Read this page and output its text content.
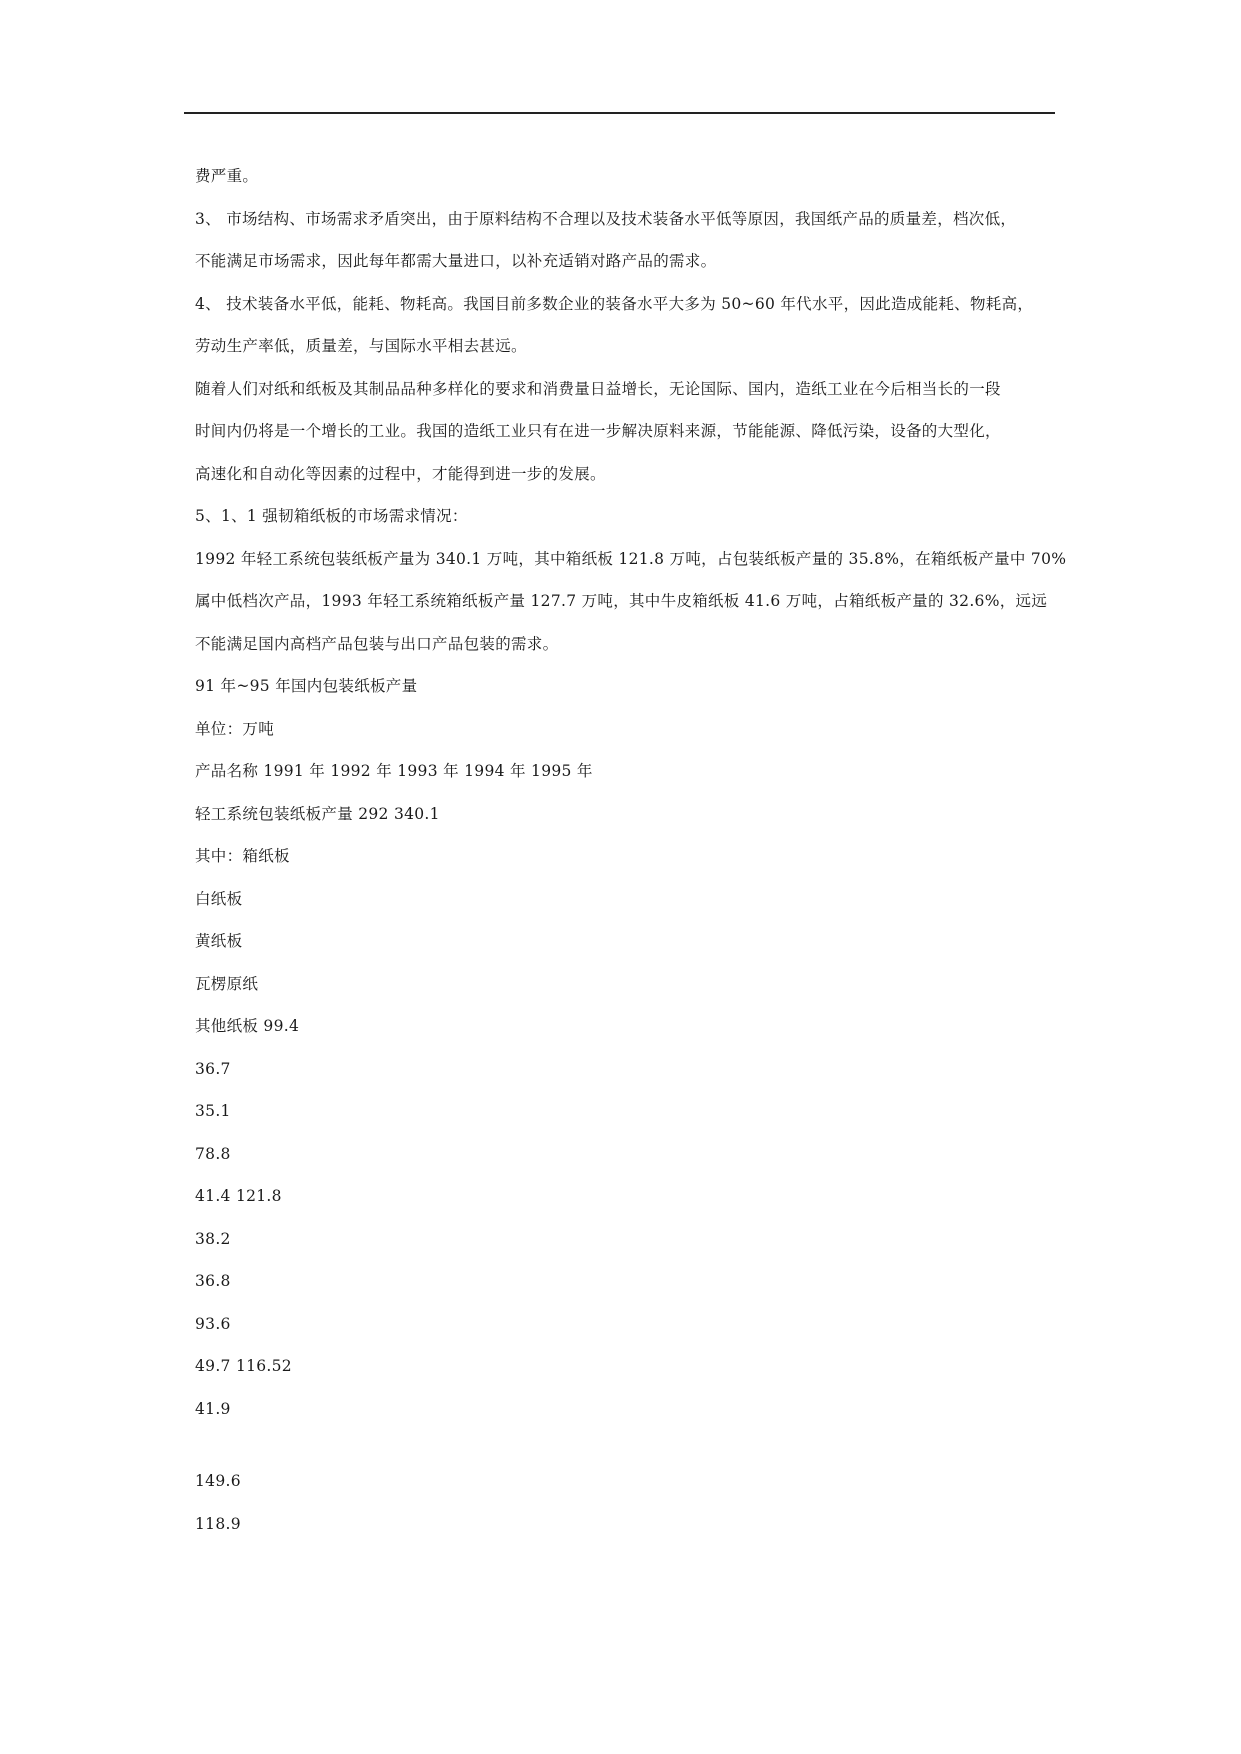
费严重。
3、 市场结构、市场需求矛盾突出，由于原料结构不合理以及技术装备水平低等原因，我国纸产品的质量差，档次低，
不能满足市场需求，因此每年都需大量进口，以补充适销对路产品的需求。
4、 技术装备水平低，能耗、物耗高。我国目前多数企业的装备水平大多为 50~60 年代水平，因此造成能耗、物耗高，
劳动生产率低，质量差，与国际水平相去甚远。
随着人们对纸和纸板及其制品品种多样化的要求和消费量日益增长，无论国际、国内，造纸工业在今后相当长的一段
时间内仍将是一个增长的工业。我国的造纸工业只有在进一步解决原料来源，节能能源、降低污染，设备的大型化，
高速化和自动化等因素的过程中，才能得到进一步的发展。
5、1、1 强韧箱纸板的市场需求情况：
1992 年轻工系统包装纸板产量为 340.1 万吨，其中箱纸板 121.8 万吨，占包装纸板产量的 35.8%，在箱纸板产量中 70%
属中低档次产品，1993 年轻工系统箱纸板产量 127.7 万吨，其中牛皮箱纸板 41.6 万吨，占箱纸板产量的 32.6%，远远
不能满足国内高档产品包装与出口产品包装的需求。
91 年~95 年国内包装纸板产量
单位：万吨
产品名称 1991 年 1992 年 1993 年 1994 年 1995 年
轻工系统包装纸板产量 292 340.1
其中：箱纸板
白纸板
黄纸板
瓦楞原纸
其他纸板 99.4
36.7
35.1
78.8
41.4 121.8
38.2
36.8
93.6
49.7 116.52
41.9
149.6
118.9
